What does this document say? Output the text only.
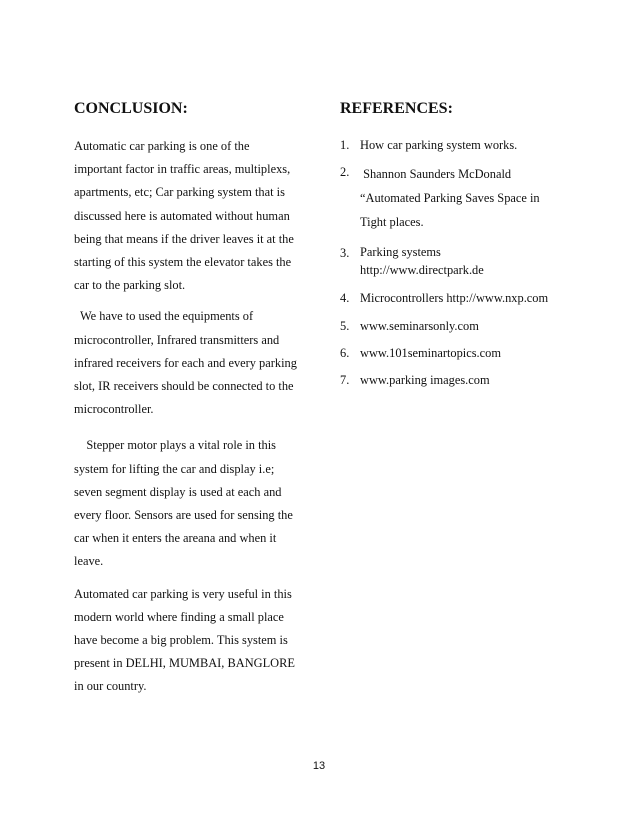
CONCLUSION:

Automatic car parking is one of the
important factor in traffic areas, multiplexs,
apartments, etc; Car parking system that is
discussed here is automated without human
being that means if the driver leaves it at the
starting of this system the elevator takes the
car to the parking slot.

We have to used the equipments of
microcontroller, Infrared transmitters and
infrared receivers for each and every parking
slot, IR receivers should be connected to the
microcontroller.

Stepper motor plays a vital role in this
system for lifting the car and display i.e;
seven segment display is used at each and
every floor. Sensors are used for sensing the
car when it enters the areana and when it
leave.

Automated car parking is very useful in this
modern world where finding a small place
have become a big problem. This system is
present in DELHI, MUMBAI, BANGLORE
in our country.

REFERENCES:
1. How car parking system works.
2. Shannon Saunders McDonald
“Automated Parking Saves Space in
Tight places.
3. Parking systems
http://www.directpark.de
4. Microcontrollers http://www.nxp.com
5. www.seminarsonly.com
6. www.101seminartopics.com
7. www.parking images.com
13
